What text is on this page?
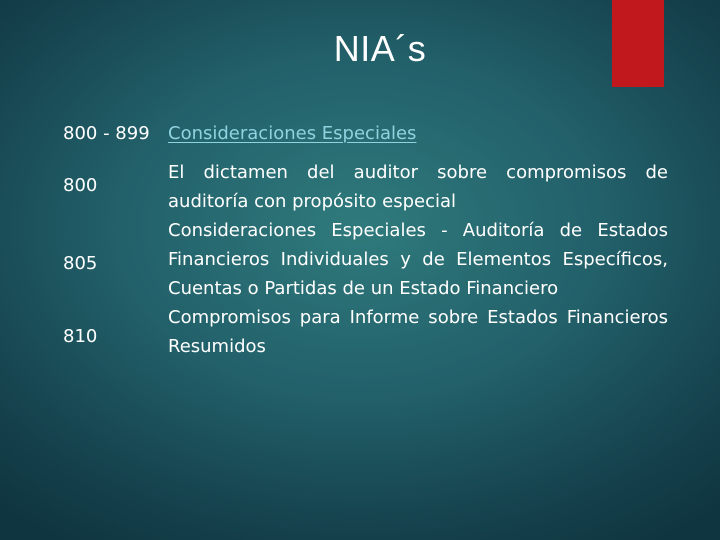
NIA´s
800 - 899 Consideraciones Especiales
800
805
810
El dictamen del auditor sobre compromisos de auditoría con propósito especial
Consideraciones Especiales - Auditoría de Estados Financieros Individuales y de Elementos Específicos, Cuentas o Partidas de un Estado Financiero
Compromisos para Informe sobre Estados Financieros Resumidos
